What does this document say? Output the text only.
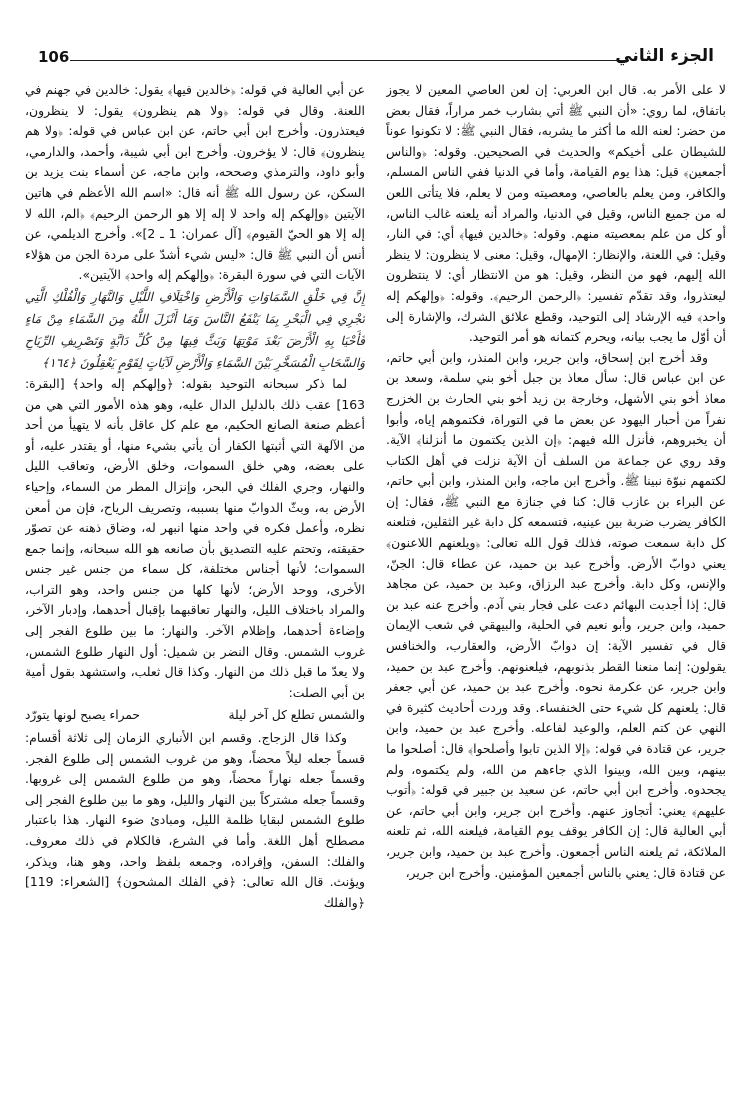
106	الجزء الثاني

لا على الأمر به. قال ابن العربي: إن لعن العاصي المعين لا يجوز باتفاق، لما روي: «أن النبي ﷺ أتي بشارب خمر مراراً، فقال بعض من حضر: لعنه الله ما أكثر ما يشربه، فقال النبي ﷺ: لا تكونوا عوناً للشيطان على أخيكم» والحديث في الصحيحين. وقوله: ﴿والناس أجمعين﴾ قيل: هذا يوم القيامة، وأما في الدنيا ففي الناس المسلم، والكافر، ومن يعلم بالعاصي، ومعصيته ومن لا يعلم، فلا يتأتى اللعن له من جميع الناس، وقيل في الدنيا، والمراد أنه يلعنه غالب الناس، أو كل من علم بمعصيته منهم. وقوله: ﴿خالدين فيها﴾ أي: في النار، وقيل: في اللعنة، والإنظار: الإمهال، وقيل: معنى لا ينظرون: لا ينظر الله إليهم، فهو من النظر، وقيل: هو من الانتظار أي: لا ينتظرون ليعتذروا، وقد تقدّم تفسير: ﴿الرحمن الرحيم﴾. وقوله: ﴿وإلهكم إله واحد﴾ فيه الإرشاد إلى التوحيد، وقطع علائق الشرك، والإشارة إلى أن أوّل ما يجب بيانه، ويحرم كتمانه هو أمر التوحيد.

وقد أخرج ابن إسحاق، وابن جرير، وابن المنذر، وابن أبي حاتم، عن ابن عباس قال: سأل معاذ بن جبل أخو بني سلمة، وسعد بن معاذ أخو بني الأشهل، وخارجة بن زيد أخو بني الحارث بن الخزرج نفراً من أحبار اليهود عن بعض ما في التوراة، فكتموهم إياه، وأبوا أن يخبروهم، فأنزل الله فيهم: ﴿إن الذين يكتمون ما أنزلنا﴾ الآية. وقد روي عن جماعة من السلف أن الآية نزلت في أهل الكتاب لكتمهم نبوّة نبينا ﷺ. وأخرج ابن ماجه، وابن المنذر، وابن أبي حاتم، عن البراء بن عازب قال: كنا في جنازة مع النبي ﷺ، فقال: إن الكافر يضرب ضربة بين عينيه، فتسمعه كل دابة غير الثقلين، فتلعنه كل دابة سمعت صوته، فذلك قول الله تعالى: ﴿ويلعنهم اللاعنون﴾ يعني دوابّ الأرض. وأخرج عبد بن حميد، عن عطاء قال: الجنّ، والإنس، وكل دابة. وأخرج عبد الرزاق، وعبد بن حميد، عن مجاهد قال: إذا أجدبت البهائم دعت على فجار بني آدم. وأخرج عنه عبد بن حميد، وابن جرير، وأبو نعيم في الحلية، والبيهقي في شعب الإيمان قال في تفسير الآية: إن دوابّ الأرض، والعقارب، والخنافس يقولون: إنما منعنا القطر بذنوبهم، فيلعنونهم. وأخرج عبد بن حميد، وابن جرير، عن عكرمة نحوه. وأخرج عبد بن حميد، عن أبي جعفر قال: يلعنهم كل شيء حتى الخنفساء. وقد وردت أحاديث كثيرة في النهي عن كتم العلم، والوعيد لفاعله. وأخرج عبد بن حميد، وابن جرير، عن قتادة في قوله: ﴿إلا الذين تابوا وأصلحوا﴾ قال: أصلحوا ما بينهم، وبين الله، وبينوا الذي جاءهم من الله، ولم يكتموه، ولم يجحدوه. وأخرج ابن أبي حاتم، عن سعيد بن جبير في قوله: ﴿أتوب عليهم﴾ يعني: أتجاوز عنهم. وأخرج ابن جرير، وابن أبي حاتم، عن أبي العالية قال: إن الكافر يوقف يوم القيامة، فيلعنه الله، ثم تلعنه الملائكة، ثم يلعنه الناس أجمعون. وأخرج عبد بن حميد، وابن جرير، عن قتادة قال: يعني بالناس أجمعين المؤمنين. وأخرج ابن جرير،

عن أبي العالية في قوله: ﴿خالدين فيها﴾ يقول: خالدين في جهنم في اللعنة. وقال في قوله: ﴿ولا هم ينظرون﴾ يقول: لا ينظرون، فيعتذرون. وأخرج ابن أبي حاتم، عن ابن عباس في قوله: ﴿ولا هم ينظرون﴾ قال: لا يؤخرون. وأخرج ابن أبي شيبة، وأحمد، والدارمي، وأبو داود، والترمذي وصححه، وابن ماجه، عن أسماء بنت يزيد بن السكن، عن رسول الله ﷺ أنه قال: «اسم الله الأعظم في هاتين الآيتين ﴿وإلهكم إله واحد لا إله إلا هو الرحمن الرحيم﴾ ﴿الم، الله لا إله إلا هو الحيّ القيوم﴾ [آل عمران: 1 ـ 2]». وأخرج الديلمي، عن أنس أن النبي ﷺ قال: «ليس شيء أشدّ على مردة الجن من هؤلاء الآيات التي في سورة البقرة: ﴿وإلهكم إله واحد﴾ الآيتين».

إِنَّ فِي خَلْقِ السَّمَاوَاتِ وَالْأَرْضِ وَاخْتِلَافِ اللَّيْلِ وَالنَّهَارِ وَالْفُلْكِ الَّتِي تَجْرِي فِي الْبَحْرِ بِمَا يَنْفَعُ النَّاسَ وَمَا أَنْزَلَ اللَّهُ مِنَ السَّمَاءِ مِنْ مَاءٍ فَأَحْيَا بِهِ الْأَرْضَ بَعْدَ مَوْتِهَا وَبَثَّ فِيهَا مِنْ كُلِّ دَابَّةٍ وَتَصْرِيفِ الرِّيَاحِ وَالسَّحَابِ الْمُسَخَّرِ بَيْنَ السَّمَاءِ وَالْأَرْضِ لَآيَاتٍ لِقَوْمٍ يَعْقِلُونَ ﴿١٦٤﴾

لما ذكر سبحانه التوحيد بقوله: ﴿وإلهكم إله واحد﴾ [البقرة: 163] عقب ذلك بالدليل الدال عليه، وهو هذه الأمور التي هي من أعظم صنعة الصانع الحكيم، مع علم كل عاقل بأنه لا يتهيأ من أحد من الآلهة التي أثبتها الكفار أن يأتي بشيء منها، أو يقتدر عليه، أو على بعضه، وهي خلق السموات، وخلق الأرض، وتعاقب الليل والنهار، وجري الفلك في البحر، وإنزال المطر من السماء، وإحياء الأرض به، وبثّ الدوابّ منها بسببه، وتصريف الرياح، فإن من أمعن نظره، وأعمل فكره في واحد منها انبهر له، وضاق ذهنه عن تصوّر حقيقته، وتحتم عليه التصديق بأن صانعه هو الله سبحانه، وإنما جمع السموات؛ لأنها أجناس مختلفة، كل سماء من جنس غير جنس الأخرى، ووحد الأرض؛ لأنها كلها من جنس واحد، وهو التراب، والمراد باختلاف الليل، والنهار تعاقبهما بإقبال أحدهما، وإدبار الآخر، وإضاءة أحدهما، وإظلام الآخر. والنهار: ما بين طلوع الفجر إلى غروب الشمس. وقال النضر بن شميل: أول النهار طلوع الشمس، ولا يعدّ ما قبل ذلك من النهار. وكذا قال ثعلب، واستشهد بقول أمية بن أبي الصلت:

والشمس تطلع كل آخر ليلة
حمراء يصبح لونها يتورّد

وكذا قال الزجاج. وقسم ابن الأنباري الزمان إلى ثلاثة أقسام: قسماً جعله ليلاً محضاً، وهو من غروب الشمس إلى طلوع الفجر. وقسماً جعله نهاراً محضاً، وهو من طلوع الشمس إلى غروبها. وقسماً جعله مشتركاً بين النهار والليل، وهو ما بين طلوع الفجر إلى طلوع الشمس لبقايا ظلمة الليل، ومبادئ ضوء النهار. هذا باعتبار مصطلح أهل اللغة. وأما في الشرع، فالكلام في ذلك معروف. والفلك: السفن، وإفراده، وجمعه بلفظ واحد، وهو هنا، ويذكر، ويؤنث. قال الله تعالى: ﴿في الفلك المشحون﴾ [الشعراء: 119] ﴿والفلك
